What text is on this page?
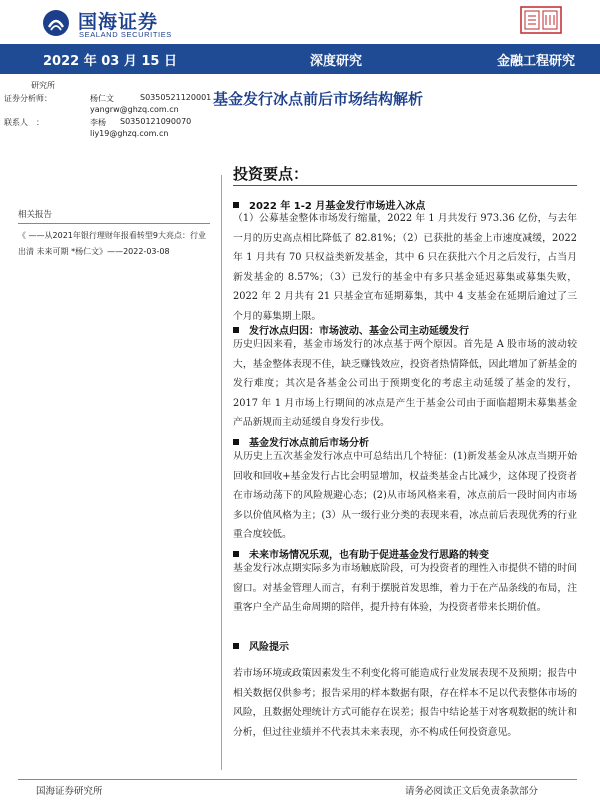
国海证券
SEALAND SECURITIES
2022 年 03 月 15 日	深度研究	金融工程研究
研究所
证券分析师：	杨仁文	S0350521120001
yangrw@ghzq.com.cn
联系人　：	李杨 S0350121090070
liy19@ghzq.com.cn
基金发行冰点前后市场结构解析
相关报告
《 ——从2021年银行理财年报看转型9大亮点：行业出清 未来可期 *杨仁文》——2022-03-08
投资要点：
2022 年 1-2 月基金发行市场进入冰点
（1）公募基金整体市场发行缩量，2022 年 1 月共发行 973.36 亿份，与去年一月的历史高点相比降低了 82.81%；（2）已获批的基金上市速度减缓，2022 年 1 月共有 70 只权益类新发基金，其中 6 只在获批六个月之后发行，占当月新发基金的 8.57%；（3）已发行的基金中有多只基金延迟募集或募集失败，2022 年 2 月共有 21 只基金宣布延期募集，其中 4 支基金在延期后逾过了三个月的募集期上限。
发行冰点归因：市场波动、基金公司主动延缓发行
历史归因来看，基金市场发行的冰点基于两个原因。首先是 A 股市场的波动较大，基金整体表现不佳，缺乏赚钱效应，投资者热情降低，因此增加了新基金的发行难度；其次是各基金公司出于预期变化的考虑主动延缓了基金的发行，2017 年 1 月市场上行期间的冰点是产生于基金公司由于面临超期未募集基金产品新规而主动延缓自身发行步伐。
基金发行冰点前后市场分析
从历史上五次基金发行冰点中可总结出几个特征：(1)新发基金从冰点当期开始回收和回收+基金发行占比会明显增加，权益类基金占比减少，这体现了投资者在市场动荡下的风险规避心态；(2)从市场风格来看，冰点前后一段时间内市场多以价值风格为主；(3）从一级行业分类的表现来看，冰点前后表现优秀的行业重合度较低。
未来市场情况乐观，也有助于促进基金发行思路的转变
基金发行冰点期实际多为市场触底阶段，可为投资者的理性入市提供不错的时间窗口。对基金管理人而言，有利于摆脱首发思维，着力于在产品条线的布局，注重客户全产品生命周期的陪伴，提升持有体验，为投资者带来长期价值。
风险提示
若市场环境或政策因素发生不利变化将可能造成行业发展表现不及预期；报告中相关数据仅供参考；报告采用的样本数据有限，存在样本不足以代表整体市场的风险，且数据处理统计方式可能存在误差；报告中结论基于对客观数据的统计和分析，但过往业绩并不代表其未来表现，亦不构成任何投资意见。
国海证券研究所	请务必阅读正文后免责条款部分
